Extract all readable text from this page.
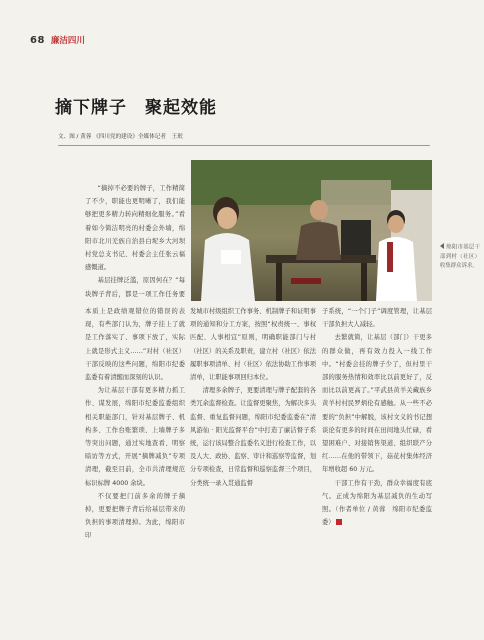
68 廉洁四川
摘下牌子　聚起效能
文、图 / 黄蓉 《四川党的建设》全媒体记者　王珉

“摘掉不必要的牌子，工作精简了不少，职能也更明晰了，我们能够把更多精力转向精细化服务。”看着如今简洁明亮的村委会外墙，绵阳市北川羌族自治县白坭乡大河坝村党总支书记、村委会主任张云福感慨道。

基层挂牌泛滥，原因何在？“每块牌子背后，都是一项工作任务要

绵阳市基层干部到村（社区）收集群众诉求。

本质上是政绩观错位的错误的表现，有些部门认为，牌子挂上了就是工作落实了、事项下放了，实际上就是形式主义……”对村（社区）干部反映的这些问题，绵阳市纪委监委有着清醒而深刻的认识。

为让基层干部有更多精力抓工作、谋发展，绵阳市纪委监委组织相关职能部门，针对基层牌子、机构多、工作台账繁琐、上墙牌子多等突出问题，通过实地查看、明察暗访等方式，开展“摘牌减负”专项清理，截至目前，全市共清理规范标识标牌 4000 余块。

不仅要把门前多余的牌子摘掉，更要把牌子背后给基层带来的负担的事项清理掉。为此，绵阳市印

发城市村级组织工作事务、机制牌子和证明事项的通知和分工方案，按照“权责统一、事权匹配、人事相宜”原则，明确职能部门与村（社区）的关系及职责，建立村（社区）依法履职事项清单、村（社区）依法协助工作事项清单，让职能事项回归本位。

清理多余牌子，更要清理与牌子配套的各类冗余监督检查。让监督更聚焦，为解决多头监督、重复监督问题，绵阳市纪委监委在“清风游仙 · 阳光监督平台”中打造了廉洁督子系统，运行该局整合监委名义进行检查工作，以及人大、政协、监察、审计和巡察等监督，划分专项检查，日常监督和巡察监督三个项目，分类统一录入贯通监督

子系统，“一个门子”调度管理，让基层干部负担大人减轻。

去繁就简，让基层（部门）干更多的群众做，再有效力投入一线工作中。“村委会挂的牌子少了，但村里干部的服务热情和效率比以前更好了，反而比以前更高了。”平武县黄羊关藏族乡黄羊村村民罗炳伦有感触。从一些不必要的“负担”中解脱，该村文义的书记想谈论有更多的时间在田间地头忙碌，看望困难户、对接销售渠道、组织联产分红……在他的带领下，菇花村集体经济年增收超 60 万元。

干部工作有干劲，群众幸福度有底气。正成为绵阳为基层减负的生动写照。（作者单位 / 黄蓉　绵阳市纪委监委）
